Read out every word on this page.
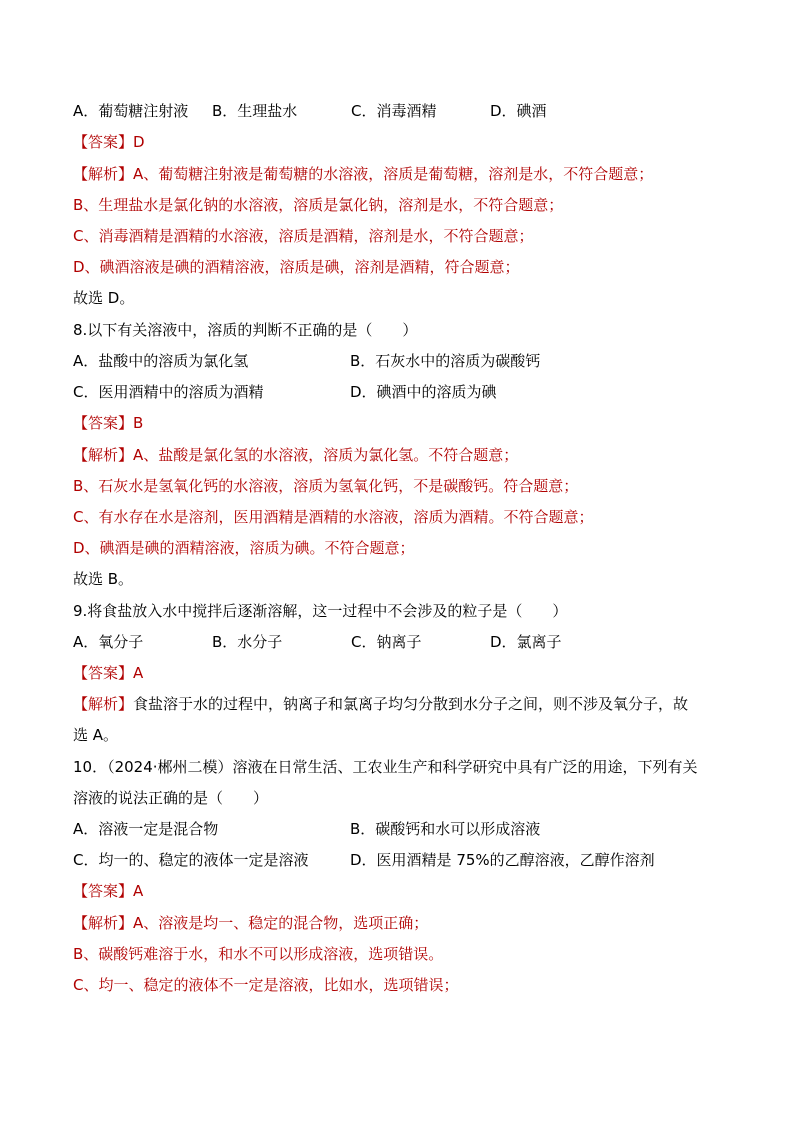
A．葡萄糖注射液 B．生理盐水	C．消毒酒精	D．碘酒
【答案】D
【解析】A、葡萄糖注射液是葡萄糖的水溶液，溶质是葡萄糖，溶剂是水，不符合题意；
B、生理盐水是氯化钠的水溶液，溶质是氯化钠，溶剂是水，不符合题意；
C、消毒酒精是酒精的水溶液，溶质是酒精，溶剂是水，不符合题意；
D、碘酒溶液是碘的酒精溶液，溶质是碘，溶剂是酒精，符合题意；
故选 D。
8.以下有关溶液中，溶质的判断不正确的是（　　）
A．盐酸中的溶质为氯化氢	B．石灰水中的溶质为碳酸钙
C．医用酒精中的溶质为酒精	D．碘酒中的溶质为碘
【答案】B
【解析】A、盐酸是氯化氢的水溶液，溶质为氯化氢。不符合题意；
B、石灰水是氢氧化钙的水溶液，溶质为氢氧化钙，不是碳酸钙。符合题意；
C、有水存在水是溶剂，医用酒精是酒精的水溶液，溶质为酒精。不符合题意；
D、碘酒是碘的酒精溶液，溶质为碘。不符合题意；
故选 B。
9.将食盐放入水中搅拌后逐渐溶解，这一过程中不会涉及的粒子是（　　）
A．氧分子	B．水分子	C．钠离子	D．氯离子
【答案】A
【解析】食盐溶于水的过程中，钠离子和氯离子均匀分散到水分子之间，则不涉及氧分子，故
选 A。
10．（2024·郴州二模）溶液在日常生活、工农业生产和科学研究中具有广泛的用途，下列有关
溶液的说法正确的是（　　）
A．溶液一定是混合物	B．碳酸钙和水可以形成溶液
C．均一的、稳定的液体一定是溶液	D．医用酒精是 75%的乙醇溶液，乙醇作溶剂
【答案】A
【解析】A、溶液是均一、稳定的混合物，选项正确；
B、碳酸钙难溶于水，和水不可以形成溶液，选项错误。
C、均一、稳定的液体不一定是溶液，比如水，选项错误；
